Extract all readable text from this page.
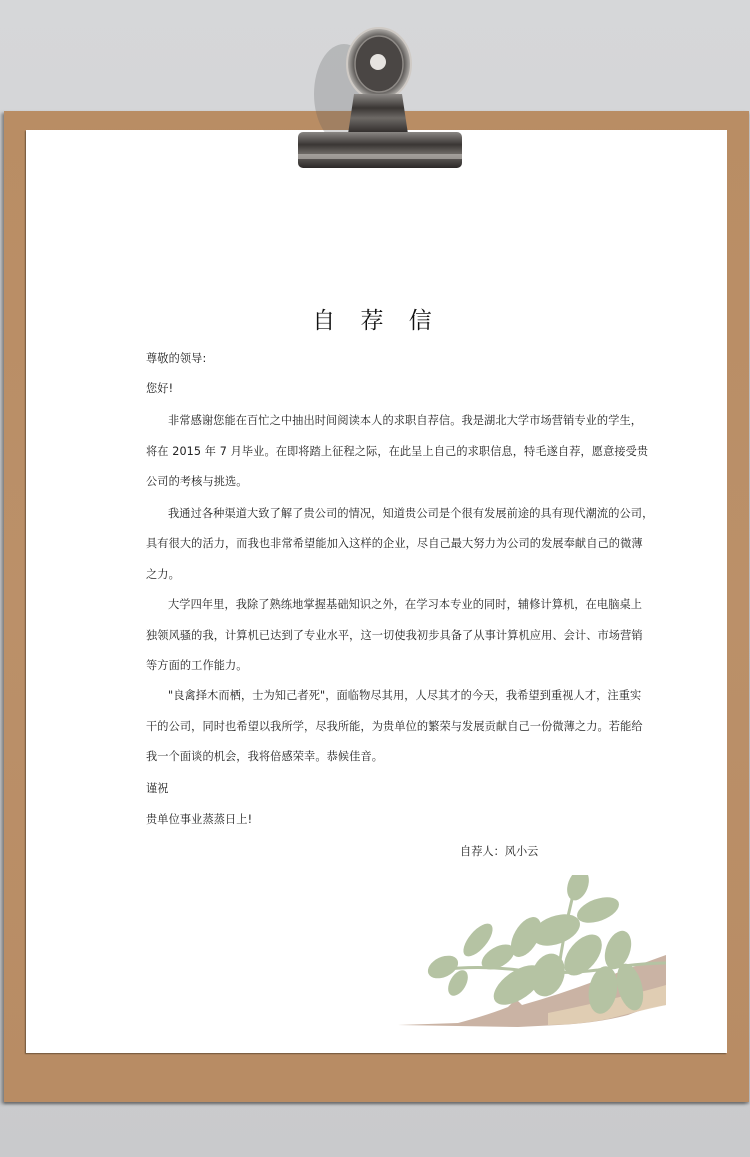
自 荐 信
尊敬的领导:
您好!
非常感谢您能在百忙之中抽出时间阅读本人的求职自荐信。我是湖北大学市场营销专业的学生，
将在 2015 年 7 月毕业。在即将踏上征程之际，在此呈上自己的求职信息，特毛遂自荐，愿意接受贵
公司的考核与挑选。
我通过各种渠道大致了解了贵公司的情况，知道贵公司是个很有发展前途的具有现代潮流的公司，
具有很大的活力，而我也非常希望能加入这样的企业，尽自己最大努力为公司的发展奉献自己的微薄
之力。
大学四年里，我除了熟练地掌握基础知识之外，在学习本专业的同时，辅修计算机，在电脑桌上
独领风骚的我，计算机已达到了专业水平，这一切使我初步具备了从事计算机应用、会计、市场营销
等方面的工作能力。
"良禽择木而栖，士为知己者死"，面临物尽其用，人尽其才的今天，我希望到重视人才，注重实
干的公司，同时也希望以我所学，尽我所能，为贵单位的繁荣与发展贡献自己一份微薄之力。若能给
我一个面谈的机会，我将倍感荣幸。恭候佳音。
谨祝
贵单位事业蒸蒸日上!
自荐人：风小云
